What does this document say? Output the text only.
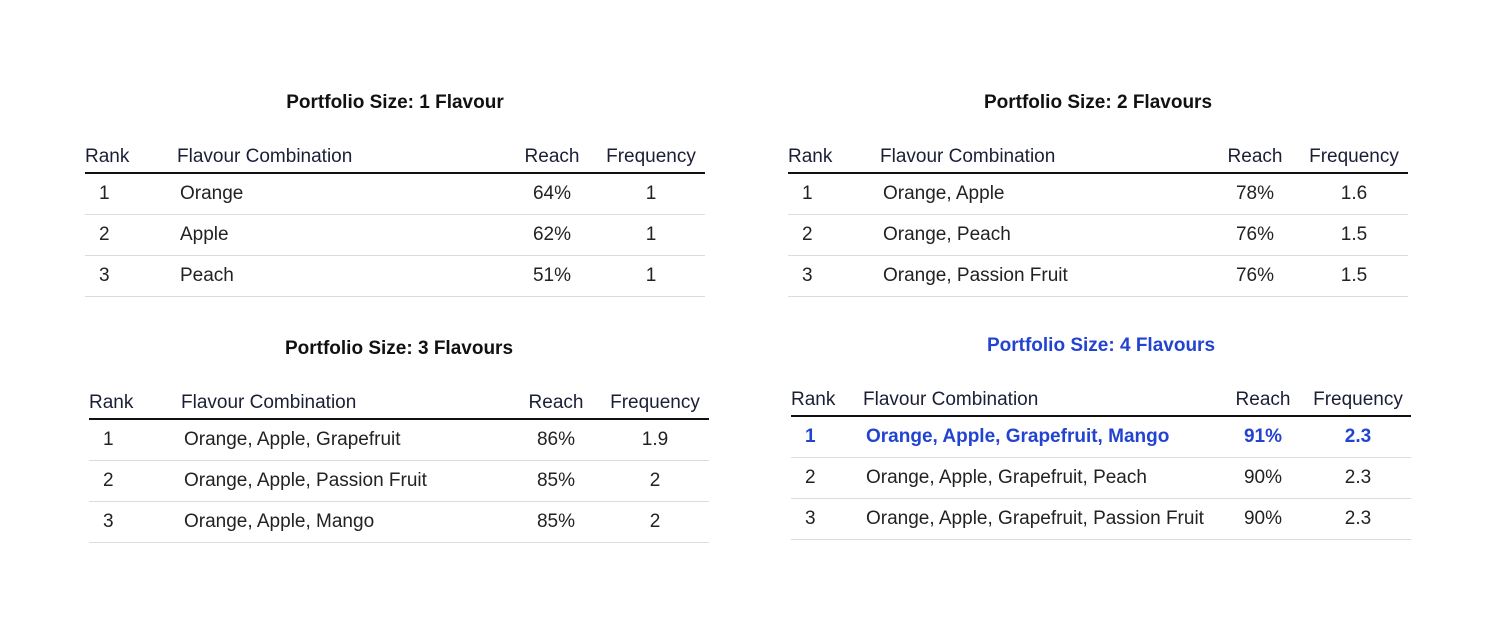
Portfolio Size: 1 Flavour
Rank	Flavour Combination	Reach	Frequency
1	Orange	64%	1
2	Apple	62%	1
3	Peach	51%	1
Portfolio Size: 2 Flavours
Rank	Flavour Combination	Reach	Frequency
1	Orange, Apple	78%	1.6
2	Orange, Peach	76%	1.5
3	Orange, Passion Fruit	76%	1.5
Portfolio Size: 3 Flavours
Rank	Flavour Combination	Reach	Frequency
1	Orange, Apple, Grapefruit	86%	1.9
2	Orange, Apple, Passion Fruit	85%	2
3	Orange, Apple, Mango	85%	2
Portfolio Size: 4 Flavours
Rank	Flavour Combination	Reach	Frequency
1	Orange, Apple, Grapefruit, Mango	91%	2.3
2	Orange, Apple, Grapefruit, Peach	90%	2.3
3	Orange, Apple, Grapefruit, Passion Fruit	90%	2.3
